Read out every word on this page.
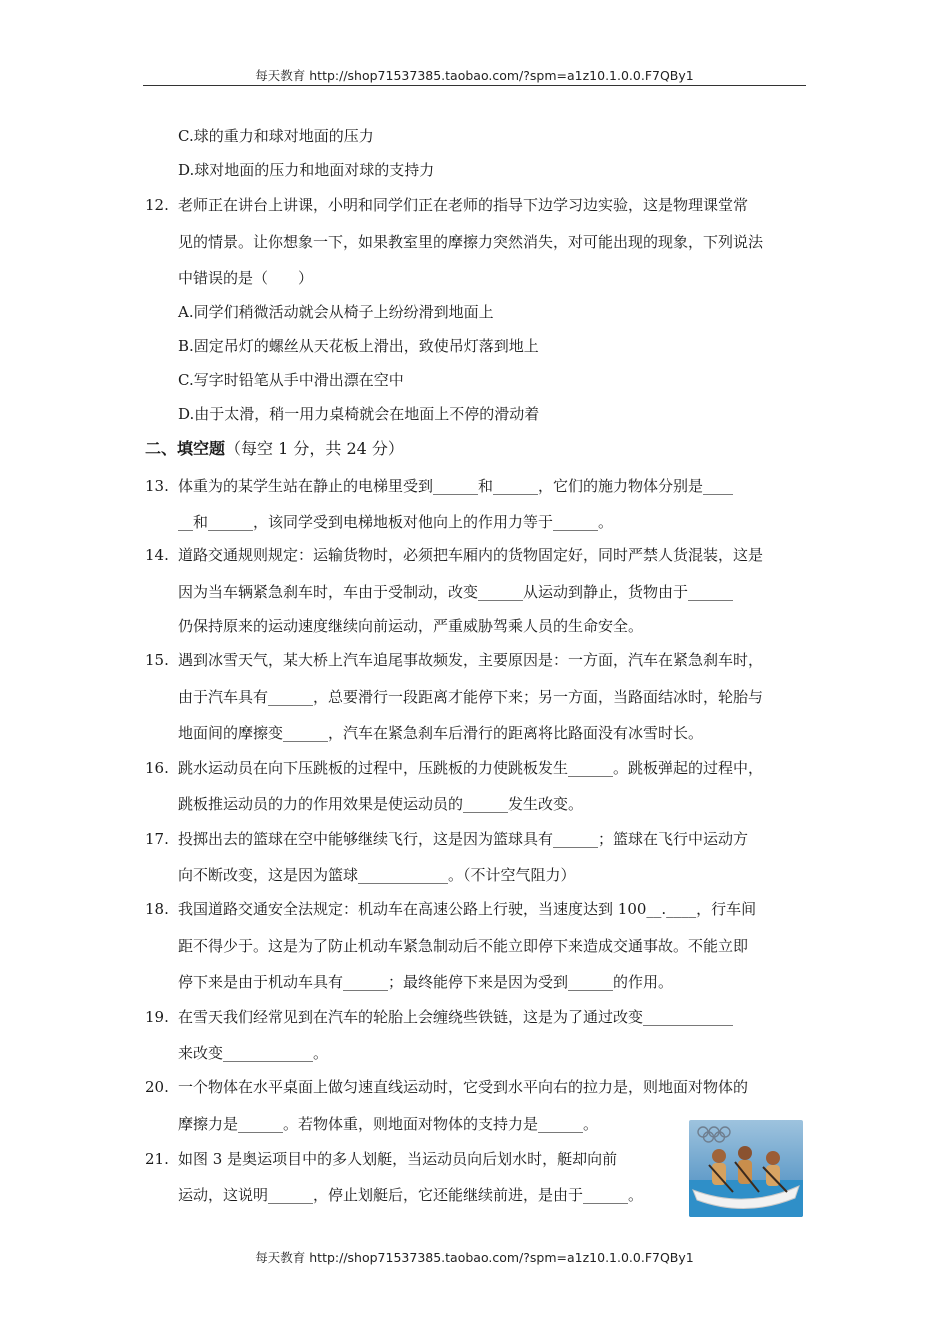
每天教育 http://shop71537385.taobao.com/?spm=a1z10.1.0.0.F7QBy1
C.球的重力和球对地面的压力
D.球对地面的压力和地面对球的支持力
12. 老师正在讲台上讲课，小明和同学们正在老师的指导下边学习边实验，这是物理课堂常
见的情景。让你想象一下，如果教室里的摩擦力突然消失，对可能出现的现象，下列说法
中错误的是（　　）
A.同学们稍微活动就会从椅子上纷纷滑到地面上
B.固定吊灯的螺丝从天花板上滑出，致使吊灯落到地上
C.写字时铅笔从手中滑出漂在空中
D.由于太滑，稍一用力桌椅就会在地面上不停的滑动着
二、填空题（每空 1 分，共 24 分）
13. 体重为的某学生站在静止的电梯里受到______和______，它们的施力物体分别是____
__和______，该同学受到电梯地板对他向上的作用力等于______。
14. 道路交通规则规定：运输货物时，必须把车厢内的货物固定好，同时严禁人货混装，这是
因为当车辆紧急刹车时，车由于受制动，改变______从运动到静止，货物由于______
仍保持原来的运动速度继续向前运动，严重威胁驾乘人员的生命安全。
15. 遇到冰雪天气，某大桥上汽车追尾事故频发，主要原因是：一方面，汽车在紧急刹车时，
由于汽车具有______，总要滑行一段距离才能停下来；另一方面，当路面结冰时，轮胎与
地面间的摩擦变______，汽车在紧急刹车后滑行的距离将比路面没有冰雪时长。
16. 跳水运动员在向下压跳板的过程中，压跳板的力使跳板发生______。跳板弹起的过程中，
跳板推运动员的力的作用效果是使运动员的______发生改变。
17. 投掷出去的篮球在空中能够继续飞行，这是因为篮球具有______；篮球在飞行中运动方
向不断改变，这是因为篮球____________。（不计空气阻力）
18. 我国道路交通安全法规定：机动车在高速公路上行驶，当速度达到 100__.____，行车间
距不得少于。这是为了防止机动车紧急制动后不能立即停下来造成交通事故。不能立即
停下来是由于机动车具有______；最终能停下来是因为受到______的作用。
19. 在雪天我们经常见到在汽车的轮胎上会缠绕些铁链，这是为了通过改变____________
来改变____________。
20. 一个物体在水平桌面上做匀速直线运动时，它受到水平向右的拉力是，则地面对物体的
摩擦力是______。若物体重，则地面对物体的支持力是______。
21. 如图 3 是奥运项目中的多人划艇，当运动员向后划水时，艇却向前
运动，这说明______，停止划艇后，它还能继续前进，是由于______。
每天教育 http://shop71537385.taobao.com/?spm=a1z10.1.0.0.F7QBy1
